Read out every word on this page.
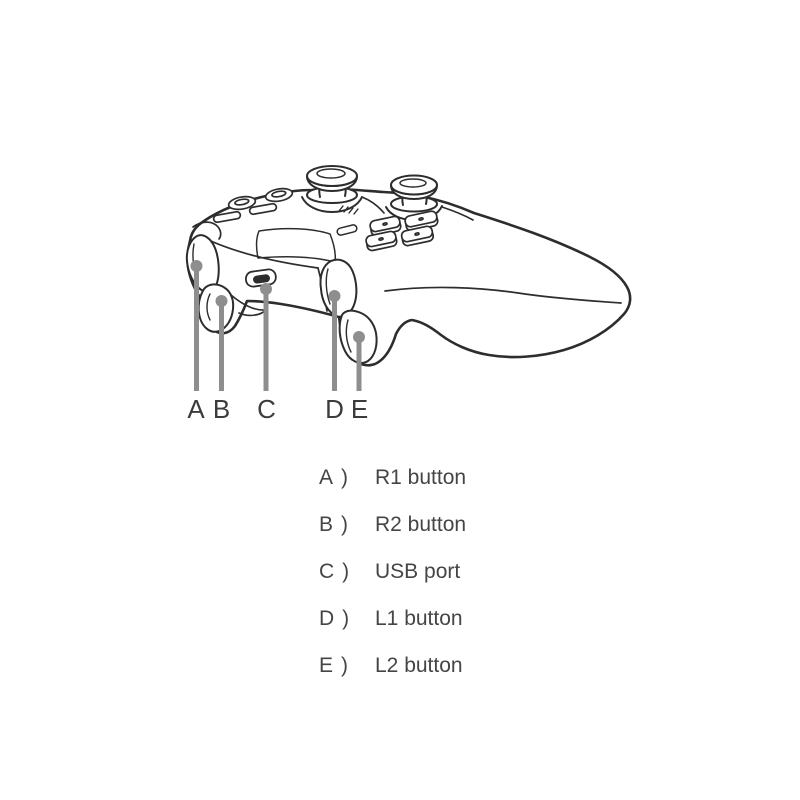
A B C D E
A ) R1 button
B ) R2 button
C ) USB port
D ) L1 button
E ) L2 button
